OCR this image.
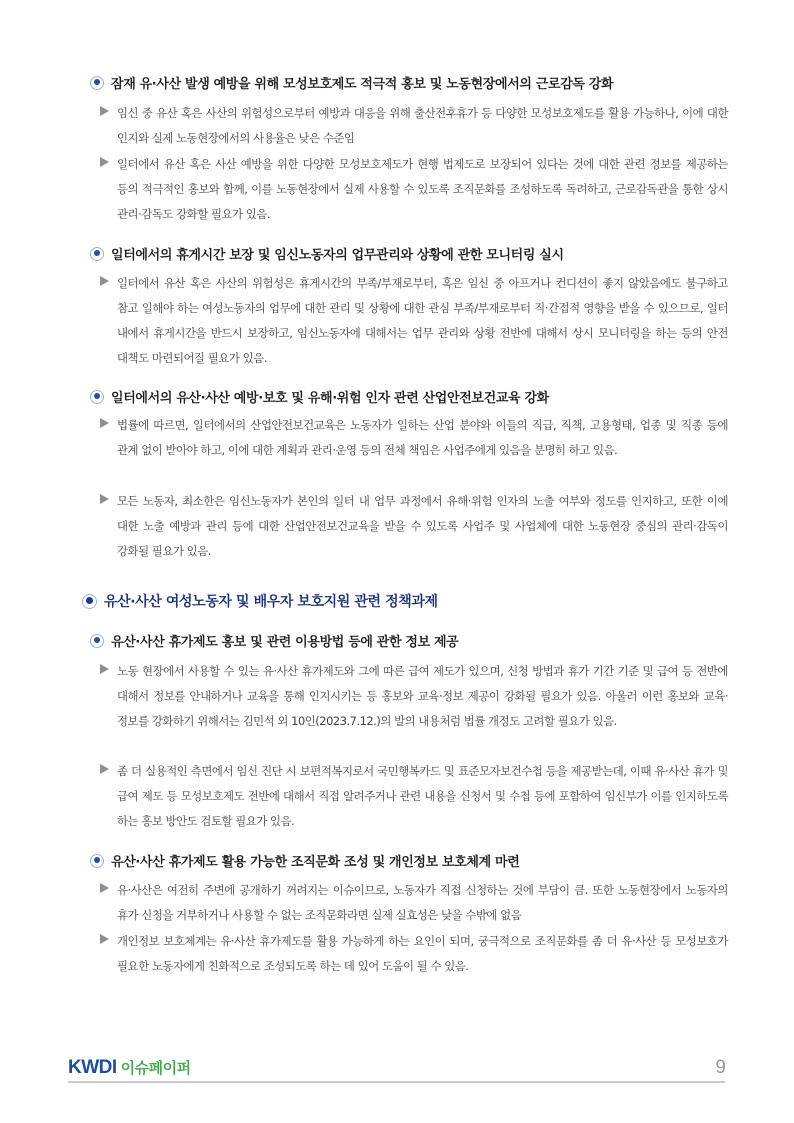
잠재 유·사산 발생 예방을 위해 모성보호제도 적극적 홍보 및 노동현장에서의 근로감독 강화
임신 중 유산 혹은 사산의 위험성으로부터 예방과 대응을 위해 출산전후휴가 등 다양한 모성보호제도를 활용 가능하나, 이에 대한 인지와 실제 노동현장에서의 사용율은 낮은 수준임
일터에서 유산 혹은 사산 예방을 위한 다양한 모성보호제도가 현행 법제도로 보장되어 있다는 것에 대한 관련 정보를 제공하는 등의 적극적인 홍보와 함께, 이를 노동현장에서 실제 사용할 수 있도록 조직문화를 조성하도록 독려하고, 근로감독관을 통한 상시 관리·감독도 강화할 필요가 있음.
일터에서의 휴게시간 보장 및 임신노동자의 업무관리와 상황에 관한 모니터링 실시
일터에서 유산 혹은 사산의 위험성은 휴게시간의 부족/부재로부터, 혹은 임신 중 아프거나 컨디션이 좋지 않았음에도 불구하고 참고 일해야 하는 여성노동자의 업무에 대한 관리 및 상황에 대한 관심 부족/부재로부터 직·간접적 영향을 받을 수 있으므로, 일터 내에서 휴게시간을 반드시 보장하고, 임신노동자에 대해서는 업무 관리와 상황 전반에 대해서 상시 모니터링을 하는 등의 안전 대책도 마련되어질 필요가 있음.
일터에서의 유산·사산 예방·보호 및 유해·위험 인자 관련 산업안전보건교육 강화
법률에 따르면, 일터에서의 산업안전보건교육은 노동자가 일하는 산업 분야와 이들의 직급, 직책, 고용형태, 업종 및 직종 등에 관계 없이 받아야 하고, 이에 대한 계획과 관리·운영 등의 전체 책임은 사업주에게 있음을 분명히 하고 있음.
모든 노동자, 최소한은 임신노동자가 본인의 일터 내 업무 과정에서 유해·위험 인자의 노출 여부와 정도를 인지하고, 또한 이에 대한 노출 예방과 관리 등에 대한 산업안전보건교육을 받을 수 있도록 사업주 및 사업체에 대한 노동현장 중심의 관리·감독이 강화될 필요가 있음.
유산·사산 여성노동자 및 배우자 보호지원 관련 정책과제
유산·사산 휴가제도 홍보 및 관련 이용방법 등에 관한 정보 제공
노동 현장에서 사용할 수 있는 유·사산 휴가제도와 그에 따른 급여 제도가 있으며, 신청 방법과 휴가 기간 기준 및 급여 등 전반에 대해서 정보를 안내하거나 교육을 통해 인지시키는 등 홍보와 교육·정보 제공이 강화될 필요가 있음. 아울러 이런 홍보와 교육·정보를 강화하기 위해서는 김민석 외 10인(2023.7.12.)의 발의 내용처럼 법률 개정도 고려할 필요가 있음.
좀 더 실용적인 측면에서 임신 진단 시 보편적복지로서 국민행복카드 및 표준모자보건수첩 등을 제공받는데, 이때 유·사산 휴가 및 급여 제도 등 모성보호제도 전반에 대해서 직접 알려주거나 관련 내용을 신청서 및 수첩 등에 포함하여 임신부가 이를 인지하도록 하는 홍보 방안도 검토할 필요가 있음.
유산·사산 휴가제도 활용 가능한 조직문화 조성 및 개인정보 보호체계 마련
유·사산은 여전히 주변에 공개하기 꺼려지는 이슈이므로, 노동자가 직접 신청하는 것에 부담이 큼. 또한 노동현장에서 노동자의 휴가 신청을 거부하거나 사용할 수 없는 조직문화라면 실제 실효성은 낮을 수밖에 없음
개인정보 보호체계는 유·사산 휴가제도를 활용 가능하게 하는 요인이 되며, 궁극적으로 조직문화를 좀 더 유·사산 등 모성보호가 필요한 노동자에게 친화적으로 조성되도록 하는 데 있어 도움이 될 수 있음.
KWDI 이슈페이퍼	9
